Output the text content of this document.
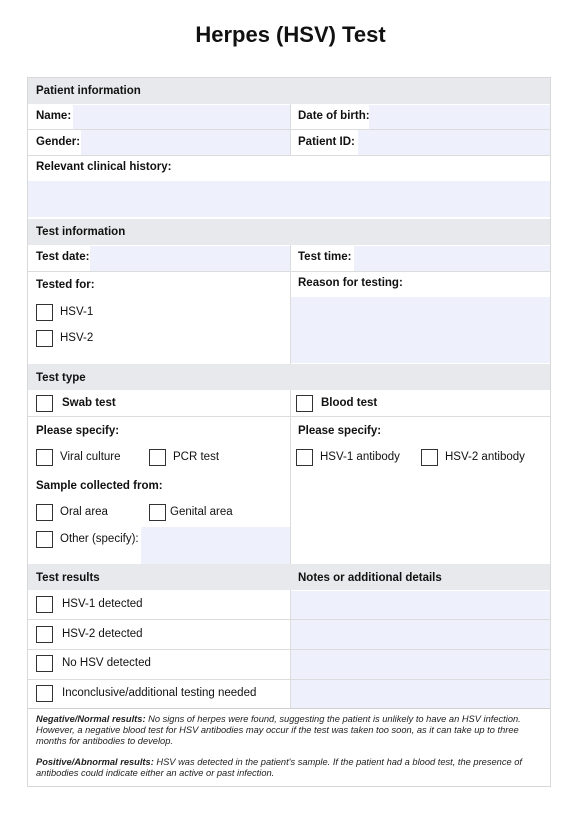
Herpes (HSV) Test
Patient information
Name:	Date of birth:
Gender:	Patient ID:
Relevant clinical history:
Test information
Test date:	Test time:
Tested for:	Reason for testing:
HSV-1
HSV-2
Test type
Swab test	Blood test
Please specify:	Please specify:
Viral culture	PCR test	HSV-1 antibody	HSV-2 antibody
Sample collected from:
Oral area	Genital area
Other (specify):
Test results	Notes or additional details
HSV-1 detected
HSV-2 detected
No HSV detected
Inconclusive/additional testing needed
Negative/Normal results: No signs of herpes were found, suggesting the patient is unlikely to have an HSV infection. However, a negative blood test for HSV antibodies may occur if the test was taken too soon, as it can take up to three months for antibodies to develop.
Positive/Abnormal results: HSV was detected in the patient's sample. If the patient had a blood test, the presence of antibodies could indicate either an active or past infection.
